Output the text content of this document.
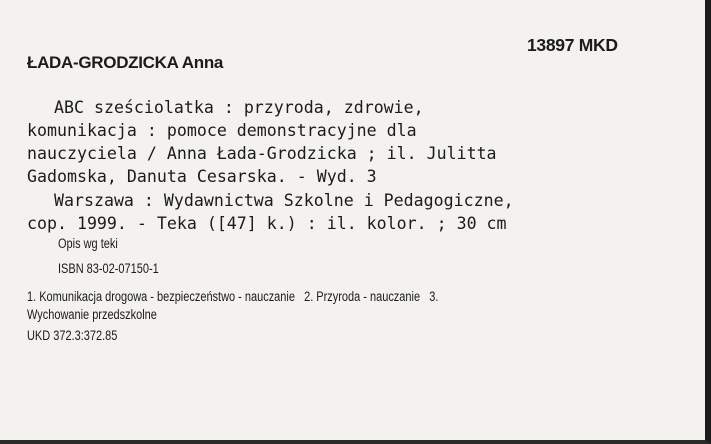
13897 MKD
ŁADA-GRODZICKA Anna
ABC sześciolatka : przyroda, zdrowie,
komunikacja : pomoce demonstracyjne dla
nauczyciela / Anna Łada-Grodzicka ; il. Julitta
Gadomska, Danuta Cesarska. - Wyd. 3
Warszawa : Wydawnictwa Szkolne i Pedagogiczne,
cop. 1999. - Teka ([47] k.) : il. kolor. ; 30 cm
Opis wg teki
ISBN 83-02-07150-1
1. Komunikacja drogowa - bezpieczeństwo - nauczanie   2. Przyroda - nauczanie   3.
Wychowanie przedszkolne
UKD 372.3:372.85
